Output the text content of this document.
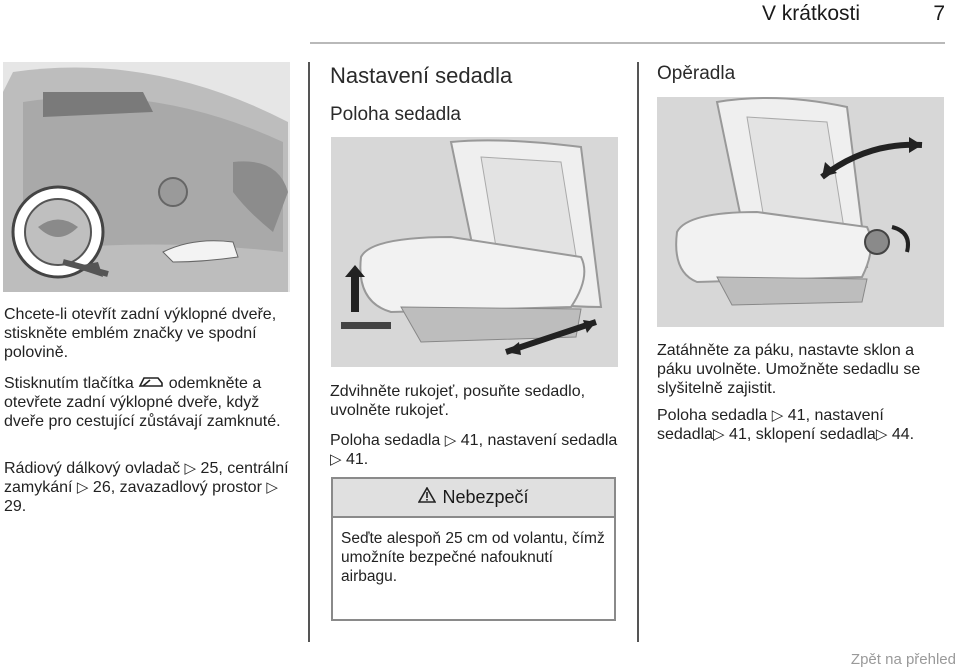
V krátkosti	7
Chcete-li otevřít zadní výklopné dveře, stiskněte emblém značky ve spodní polovině.
Stisknutím tlačítka odemkněte a otevřete zadní výklopné dveře, když dveře pro cestující zůstávají zamknuté.
Rádiový dálkový ovladač ▷ 25, centrální zamykání ▷ 26, zavazadlový prostor ▷ 29.
Nastavení sedadla
Poloha sedadla
Zdvihněte rukojeť, posuňte sedadlo, uvolněte rukojeť.
Poloha sedadla ▷ 41, nastavení sedadla ▷ 41.
Nebezpečí
Seďte alespoň 25 cm od volantu, čímž umožníte bezpečné nafouknutí airbagu.
Opěradla
Zatáhněte za páku, nastavte sklon a páku uvolněte. Umožněte sedadlu se slyšitelně zajistit.
Poloha sedadla ▷ 41, nastavení sedadla▷ 41, sklopení sedadla▷ 44.
Zpět na přehled
